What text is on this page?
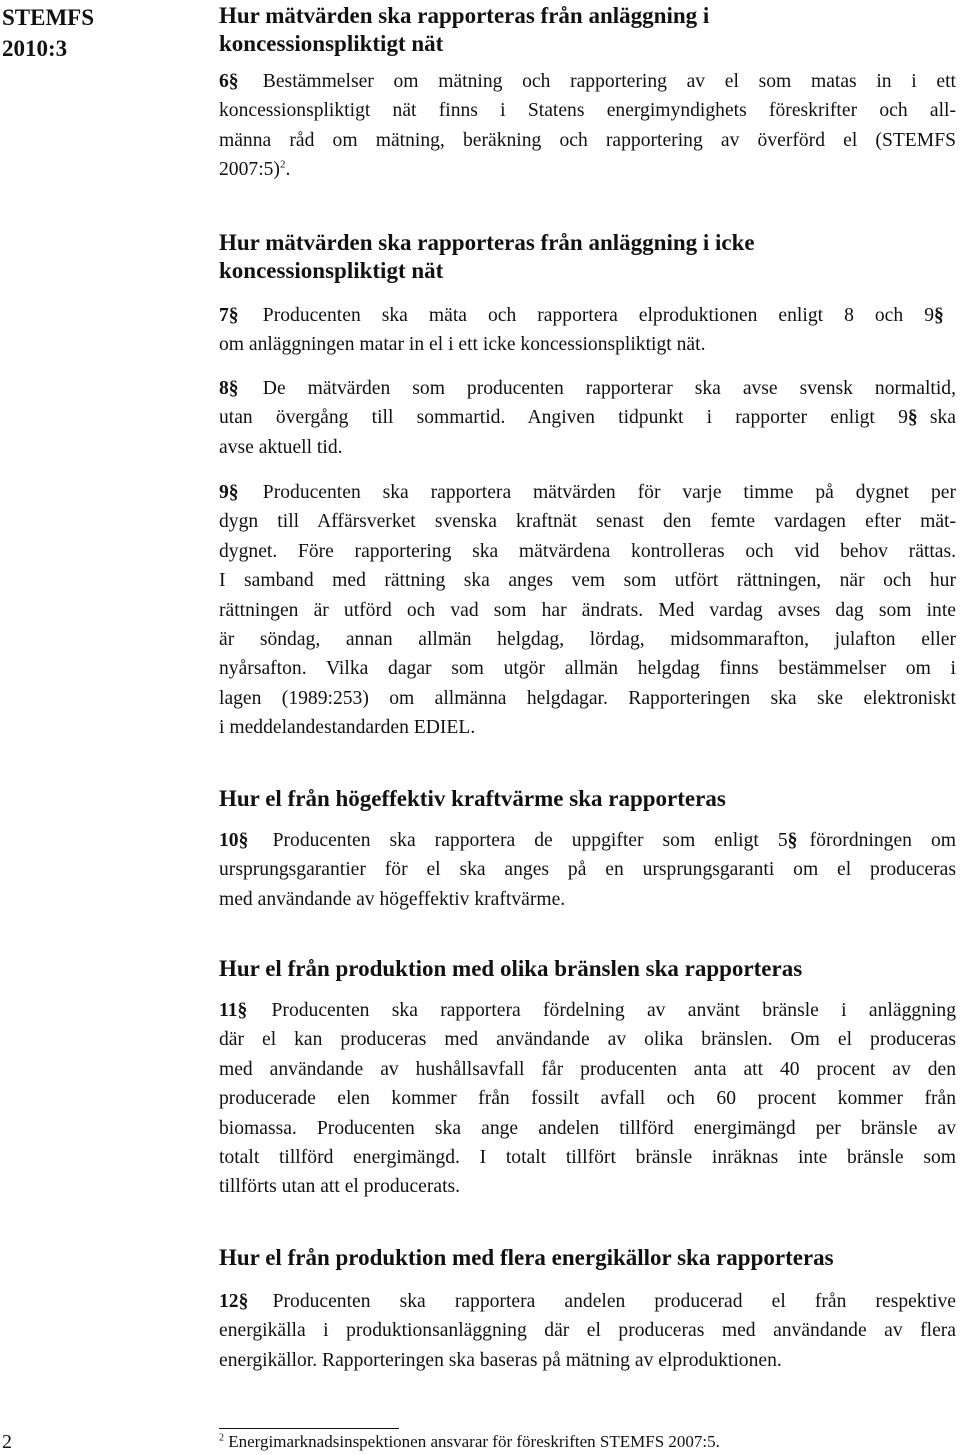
STEMFS
2010:3
Hur mätvärden ska rapporteras från anläggning i
koncessionspliktigt nät

6§ Bestämmelser om mätning och rapportering av el som matas in i ett
koncessionspliktigt nät finns i Statens energimyndighets föreskrifter och all-
männa råd om mätning, beräkning och rapportering av överförd el (STEMFS
2007:5)$^2$.

Hur mätvärden ska rapporteras från anläggning i icke
koncessionspliktigt nät

7§ Producenten ska mäta och rapportera elproduktionen enligt 8 och 9§
om anläggningen matar in el i ett icke koncessionspliktigt nät.

8§ De mätvärden som producenten rapporterar ska avse svensk normaltid,
utan övergång till sommartid. Angiven tidpunkt i rapporter enligt 9§ ska
avse aktuell tid.

9§ Producenten ska rapportera mätvärden för varje timme på dygnet per
dygn till Affärsverket svenska kraftnät senast den femte vardagen efter mät-
dygnet. Före rapportering ska mätvärdena kontrolleras och vid behov rättas.
I samband med rättning ska anges vem som utfört rättningen, när och hur
rättningen är utförd och vad som har ändrats. Med vardag avses dag som inte
är söndag, annan allmän helgdag, lördag, midsommarafton, julafton eller
nyårsafton. Vilka dagar som utgör allmän helgdag finns bestämmelser om i
lagen (1989:253) om allmänna helgdagar. Rapporteringen ska ske elektroniskt
i meddelandestandarden EDIEL.

Hur el från högeffektiv kraftvärme ska rapporteras

10§ Producenten ska rapportera de uppgifter som enligt 5§ förordningen om
ursprungsgarantier för el ska anges på en ursprungsgaranti om el produceras
med användande av högeffektiv kraftvärme.

Hur el från produktion med olika bränslen ska rapporteras

11§ Producenten ska rapportera fördelning av använt bränsle i anläggning
där el kan produceras med användande av olika bränslen. Om el produceras
med användande av hushållsavfall får producenten anta att 40 procent av den
producerade elen kommer från fossilt avfall och 60 procent kommer från
biomassa. Producenten ska ange andelen tillförd energimängd per bränsle av
totalt tillförd energimängd. I totalt tillfört bränsle inräknas inte bränsle som
tillförts utan att el producerats.

Hur el från produktion med flera energikällor ska rapporteras

12§ Producenten ska rapportera andelen producerad el från respektive
energikälla i produktionsanläggning där el produceras med användande av flera
energikällor. Rapporteringen ska baseras på mätning av elproduktionen.

$^2$ Energimarknadsinspektionen ansvarar för föreskriften STEMFS 2007:5.
2
